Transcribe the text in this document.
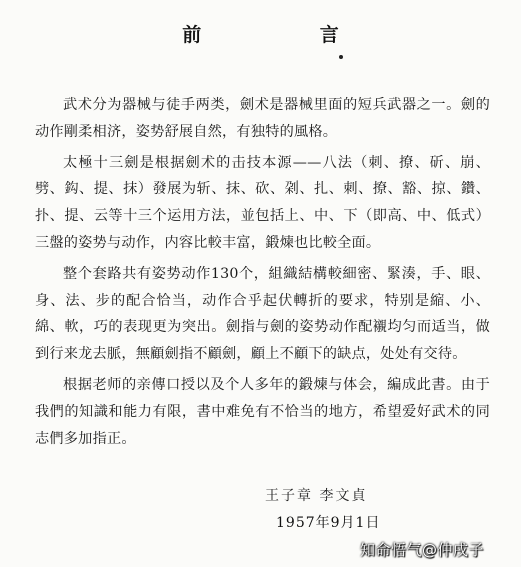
前 言

武术分为器械与徒手两类，劍术是器械里面的短兵武器之一。劍的动作剛柔相济，姿势舒展自然，有独特的風格。

太極十三劍是根据劍术的击技本源——八法（刺、撩、斫、崩、劈、鈎、提、抹）發展为斩、抹、砍、刴、扎、刺、撩、豁、掠、鑽、扑、提、云等十三个运用方法，並包括上、中、下（即高、中、低式）三盤的姿势与动作，内容比較丰富，鍛煉也比較全面。

整个套路共有姿势动作130个，組織結構較細密、緊湊，手、眼、身、法、步的配合恰当，动作合乎起伏轉折的要求，特别是縮、小、綿、軟，巧的表现更为突出。劍指与劍的姿势动作配襯均匀而适当，做到行来龙去脈，無顧劍指不顧劍，顧上不顧下的缺点，处处有交待。

根据老师的亲傳口授以及个人多年的鍛煉与体会，編成此書。由于我們的知識和能力有限，書中难免有不恰当的地方，希望爱好武术的同志們多加指正。

王子章 李文貞
1957年9月1日
知命悟气@仲戌子
